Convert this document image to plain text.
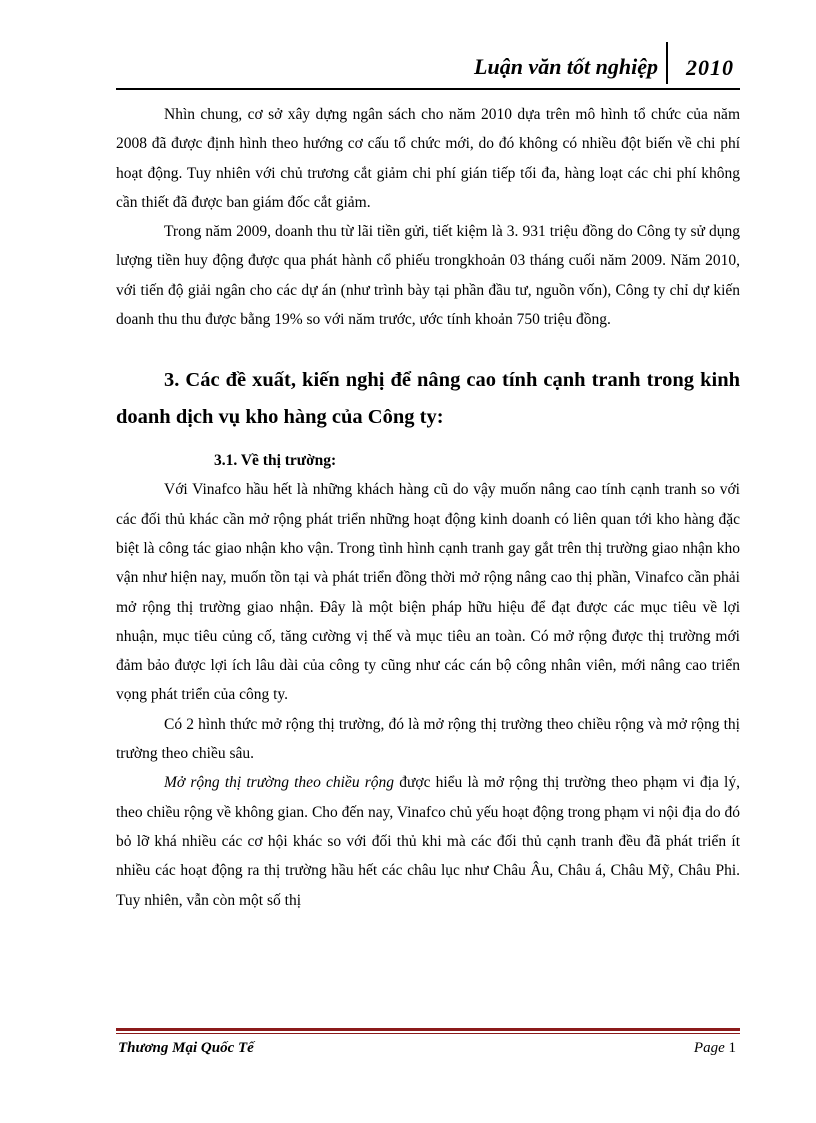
Luận văn tốt nghiệp 2010

Nhìn chung, cơ sở xây dựng ngân sách cho năm 2010 dựa trên mô hình tổ chức của năm 2008 đã được định hình theo hướng cơ cấu tổ chức mới, do đó không có nhiều đột biến về chi phí hoạt động. Tuy nhiên với chủ trương cắt giảm chi phí gián tiếp tối đa, hàng loạt các chi phí không cần thiết đã được ban giám đốc cắt giảm.

Trong năm 2009, doanh thu từ lãi tiền gửi, tiết kiệm là 3. 931 triệu đồng do Công ty sử dụng lượng tiền huy động được qua phát hành cổ phiếu trongkhoản 03 tháng cuối năm 2009. Năm 2010, với tiến độ giải ngân cho các dự án (như trình bày tại phần đầu tư, nguồn vốn), Công ty chỉ dự kiến doanh thu thu được bằng 19% so với năm trước, ước tính khoản 750 triệu đồng.

3. Các đề xuất, kiến nghị để nâng cao tính cạnh tranh trong kinh doanh dịch vụ kho hàng của Công ty:

3.1. Về thị trường:

Với Vinafco hầu hết là những khách hàng cũ do vậy muốn nâng cao tính cạnh tranh so với các đối thủ khác cần mở rộng phát triển những hoạt động kinh doanh có liên quan tới kho hàng đặc biệt là công tác giao nhận kho vận. Trong tình hình cạnh tranh gay gắt trên thị trường giao nhận kho vận như hiện nay, muốn tồn tại và phát triển đồng thời mở rộng nâng cao thị phần, Vinafco cần phải mở rộng thị trường giao nhận. Đây là một biện pháp hữu hiệu để đạt được các mục tiêu về lợi nhuận, mục tiêu củng cố, tăng cường vị thế và mục tiêu an toàn. Có mở rộng được thị trường mới đảm bảo được lợi ích lâu dài của công ty cũng như các cán bộ công nhân viên, mới nâng cao triển vọng phát triển của công ty.

Có 2 hình thức mở rộng thị trường, đó là mở rộng thị trường theo chiều rộng và mở rộng thị trường theo chiều sâu.

Mở rộng thị trường theo chiều rộng được hiểu là mở rộng thị trường theo phạm vi địa lý, theo chiều rộng về không gian. Cho đến nay, Vinafco chủ yếu hoạt động trong phạm vi nội địa do đó bỏ lỡ khá nhiều các cơ hội khác so với đối thủ khi mà các đối thủ cạnh tranh đều đã phát triển ít nhiều các hoạt động ra thị trường hầu hết các châu lục như Châu Âu, Châu á, Châu Mỹ, Châu Phi. Tuy nhiên, vẫn còn một số thị

Thương Mại Quốc Tế	Page 1
